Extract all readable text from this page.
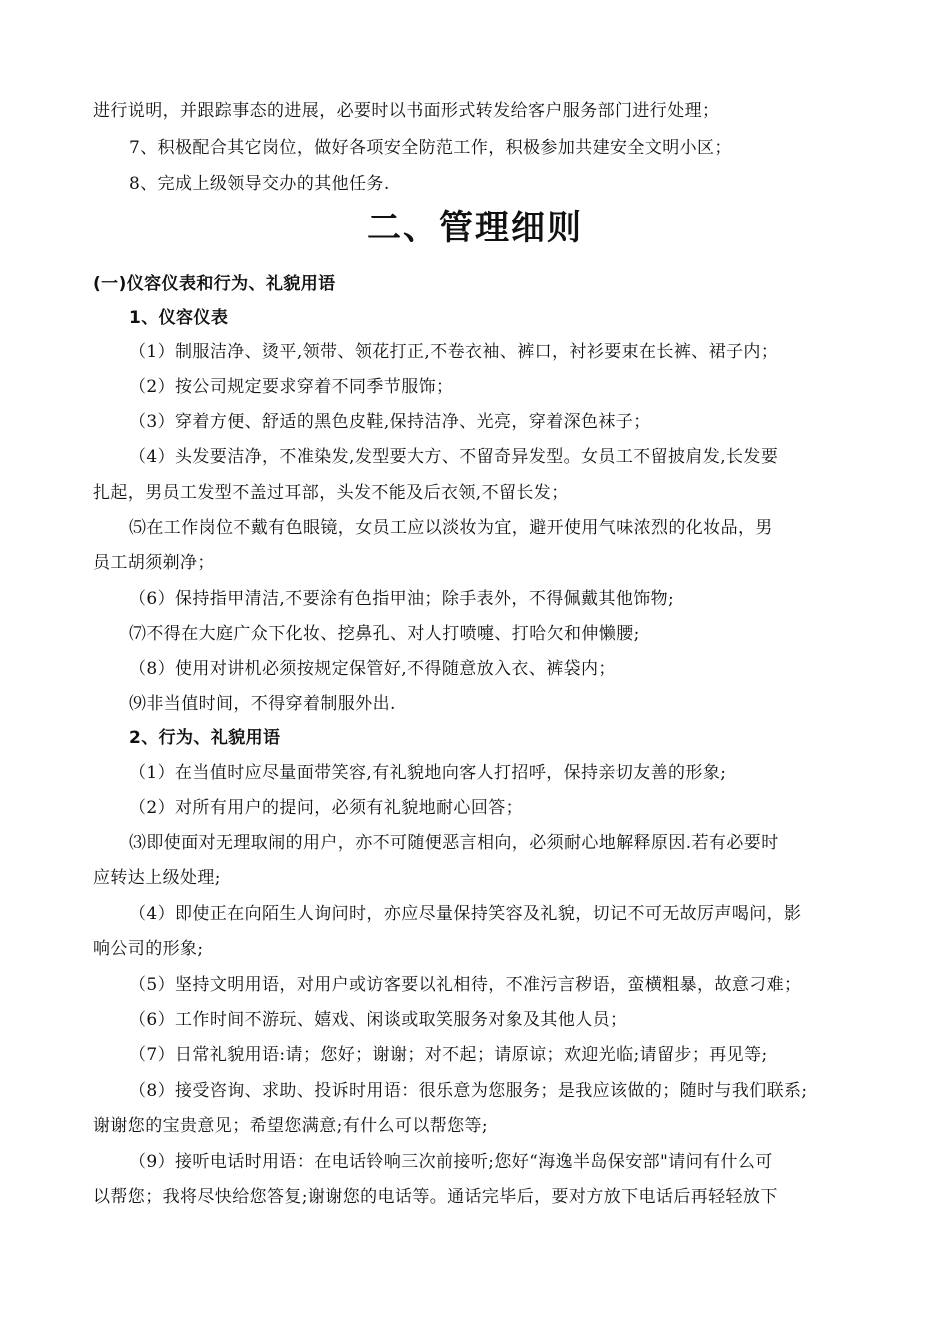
进行说明，并跟踪事态的进展，必要时以书面形式转发给客户服务部门进行处理；
7、积极配合其它岗位，做好各项安全防范工作，积极参加共建安全文明小区；
8、完成上级领导交办的其他任务.
二、管理细则
(一)仪容仪表和行为、礼貌用语
1、仪容仪表
（1）制服洁净、烫平,领带、领花打正,不卷衣袖、裤口，衬衫要束在长裤、裙子内；
（2）按公司规定要求穿着不同季节服饰；
（3）穿着方便、舒适的黑色皮鞋,保持洁净、光亮，穿着深色袜子；
（4）头发要洁净，不准染发,发型要大方、不留奇异发型。女员工不留披肩发,长发要
扎起，男员工发型不盖过耳部，头发不能及后衣领,不留长发；
⑸在工作岗位不戴有色眼镜，女员工应以淡妆为宜，避开使用气味浓烈的化妆品，男
员工胡须剃净；
（6）保持指甲清洁,不要涂有色指甲油；除手表外，不得佩戴其他饰物;
⑺不得在大庭广众下化妆、挖鼻孔、对人打喷嚏、打哈欠和伸懒腰;
（8）使用对讲机必须按规定保管好,不得随意放入衣、裤袋内；
⑼非当值时间，不得穿着制服外出.
2、行为、礼貌用语
（1）在当值时应尽量面带笑容,有礼貌地向客人打招呼，保持亲切友善的形象;
（2）对所有用户的提问，必须有礼貌地耐心回答；
⑶即使面对无理取闹的用户，亦不可随便恶言相向，必须耐心地解释原因.若有必要时
应转达上级处理;
（4）即使正在向陌生人询问时，亦应尽量保持笑容及礼貌，切记不可无故厉声喝问，影
响公司的形象;
（5）坚持文明用语，对用户或访客要以礼相待，不准污言秽语，蛮横粗暴，故意刁难；
（6）工作时间不游玩、嬉戏、闲谈或取笑服务对象及其他人员；
（7）日常礼貌用语:请；您好；谢谢；对不起；请原谅；欢迎光临;请留步；再见等;
（8）接受咨询、求助、投诉时用语：很乐意为您服务；是我应该做的；随时与我们联系;
谢谢您的宝贵意见；希望您满意;有什么可以帮您等;
（9）接听电话时用语：在电话铃响三次前接听;您好“海逸半岛保安部"请问有什么可
以帮您；我将尽快给您答复;谢谢您的电话等。通话完毕后，要对方放下电话后再轻轻放下
